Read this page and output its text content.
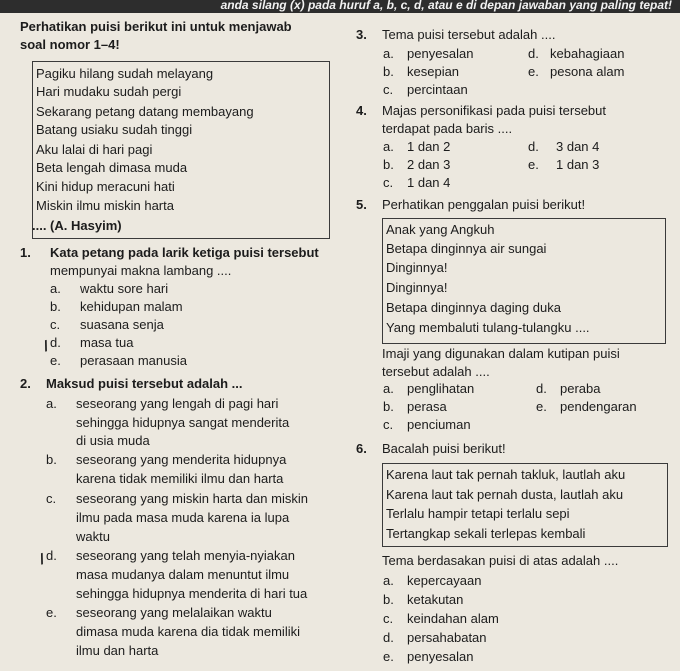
anda silang (x) pada huruf a, b, c, d, atau e di depan jawaban yang paling tepat!
Perhatikan puisi berikut ini untuk menjawab
soal nomor 1–4!
Pagiku hilang sudah melayang
Hari mudaku sudah pergi
Sekarang petang datang membayang
Batang usiaku sudah tinggi
Aku lalai di hari pagi
Beta lengah dimasa muda
Kini hidup meracuni hati
Miskin ilmu miskin harta
.... (A. Hasyim)
1. Kata petang pada larik ketiga puisi tersebut
mempunyai makna lambang ....
a. waktu sore hari
b. kehidupan malam
c. suasana senja
d. masa tua
e. perasaan manusia
/
2. Maksud puisi tersebut adalah ...
a. seseorang yang lengah di pagi hari
sehingga hidupnya sangat menderita
di usia muda
b. seseorang yang menderita hidupnya
karena tidak memiliki ilmu dan harta
c. seseorang yang miskin harta dan miskin
ilmu pada masa muda karena ia lupa
waktu
d. seseorang yang telah menyia-nyiakan
masa mudanya dalam menuntut ilmu
sehingga hidupnya menderita di hari tua
/
e. seseorang yang melalaikan waktu
dimasa muda karena dia tidak memiliki
ilmu dan harta
3. Tema puisi tersebut adalah ....
a. penyesalan	d. kebahagiaan
b. kesepian	e. pesona alam
c. percintaan
4. Majas personifikasi pada puisi tersebut
terdapat pada baris ....
a. 1 dan 2	d. 3 dan 4
b. 2 dan 3	e. 1 dan 3
c. 1 dan 4
5. Perhatikan penggalan puisi berikut!
Anak yang Angkuh
Betapa dinginnya air sungai
Dinginnya!
Dinginnya!
Betapa dinginnya daging duka
Yang membaluti tulang-tulangku ....
Imaji yang digunakan dalam kutipan puisi
tersebut adalah ....
a. penglihatan	d. peraba
b. perasa	e. pendengaran
c. penciuman
6. Bacalah puisi berikut!
Karena laut tak pernah takluk, lautlah aku
Karena laut tak pernah dusta, lautlah aku
Terlalu hampir tetapi terlalu sepi
Tertangkap sekali terlepas kembali
Tema berdasakan puisi di atas adalah ....
a. kepercayaan
b. ketakutan
c. keindahan alam
d. persahabatan
e. penyesalan
